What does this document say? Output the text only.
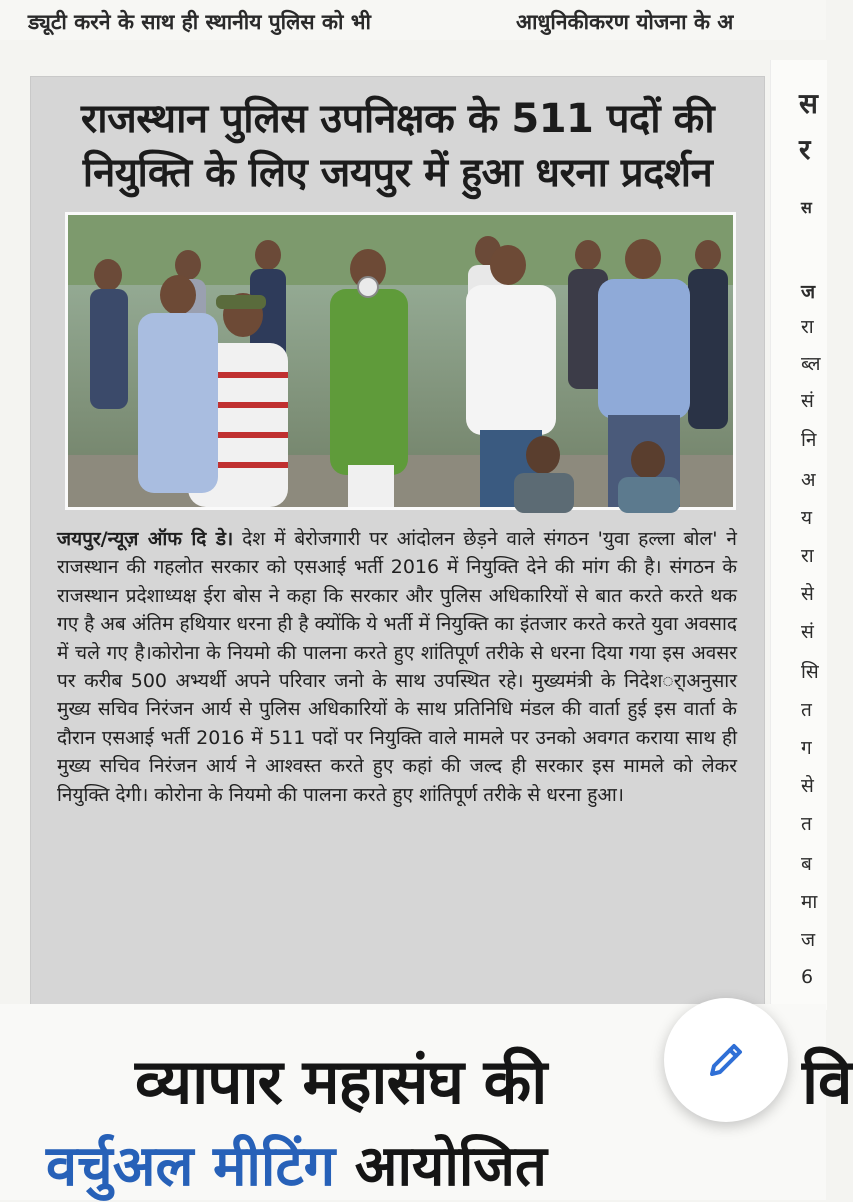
ड्यूटी करने के साथ ही स्थानीय पुलिस को भी	आधुनिकीकरण योजना के अ
स
र
स
ज
रा
ब्ल
सं
नि
अ
य
रा
से
सं
सि
त
ग
से
त
ब
मा
ज
6
राजस्थान पुलिस उपनिक्षक के 511 पदों की
नियुक्ति के लिए जयपुर में हुआ धरना प्रदर्शन
जयपुर/न्यूज़ ऑफ दि डे। देश में बेरोजगारी पर आंदोलन छेड़ने वाले संगठन 'युवा हल्ला बोल' ने राजस्थान की गहलोत सरकार को एसआई भर्ती 2016 में नियुक्ति देने की मांग की है। संगठन के राजस्थान प्रदेशाध्यक्ष ईरा बोस ने कहा कि सरकार और पुलिस अधिकारियों से बात करते करते थक गए है अब अंतिम हथियार धरना ही है क्योंकि ये भर्ती में नियुक्ति का इंतजार करते करते युवा अवसाद में चले गए है।कोरोना के नियमो की पालना करते हुए शांतिपूर्ण तरीके से धरना दिया गया इस अवसर पर करीब 500 अभ्यर्थी अपने परिवार जनो के साथ उपस्थित रहे। मुख्यमंत्री के निदेशर्ाअनुसार मुख्य सचिव निरंजन आर्य से पुलिस अधिकारियों के साथ प्रतिनिधि मंडल की वार्ता हुई इस वार्ता के दौरान एसआई भर्ती 2016 में 511 पदों पर नियुक्ति वाले मामले पर उनको अवगत कराया साथ ही मुख्य सचिव निरंजन आर्य ने आश्वस्त करते हुए कहां की जल्द ही सरकार इस मामले को लेकर नियुक्ति देगी। कोरोना के नियमो की पालना करते हुए शांतिपूर्ण तरीके से धरना हुआ।
व्यापार महासंघ की
वर्चुअल मीटिंग आयोजित
वि
